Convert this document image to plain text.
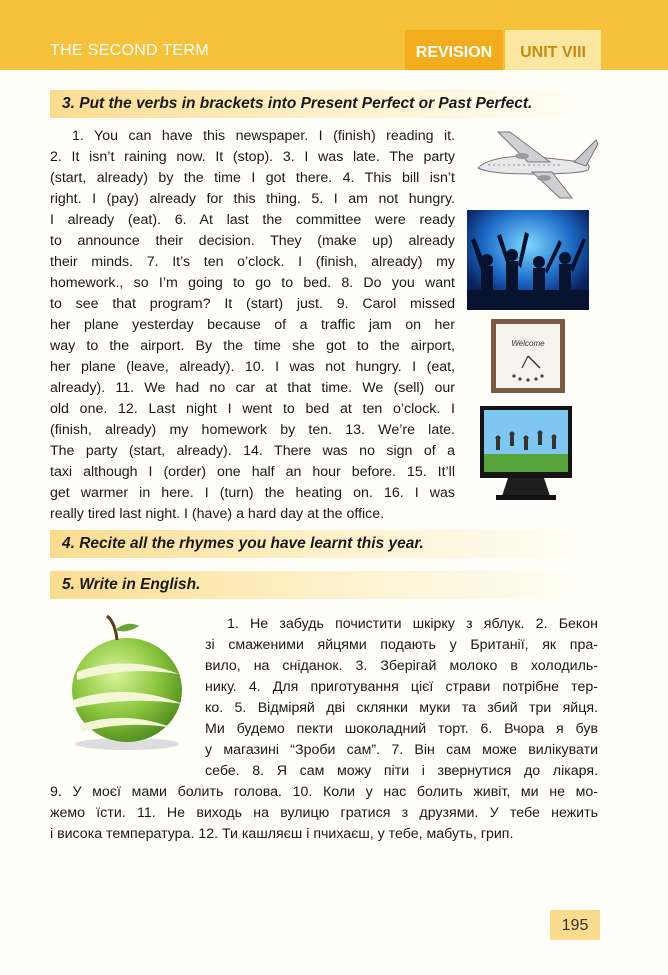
THE SECOND TERM	REVISION	UNIT VIII
3. Put the verbs in brackets into Present Perfect or Past Perfect.

1. You can have this newspaper. I (finish) reading it.

2. It isn’t raining now. It (stop). 3. I was late. The party

(start, already) by the time I got there. 4. This bill isn’t

right. I (pay) already for this thing. 5. I am not hungry.

I already (eat). 6. At last the committee were ready

to announce their decision. They (make up) already

their minds. 7. It’s ten o’clock. I (finish, already) my

homework., so I’m going to go to bed. 8. Do you want

to see that program? It (start) just. 9. Carol missed

her plane yesterday because of a traffic jam on her

way to the airport. By the time she got to the airport,

her plane (leave, already). 10. I was not hungry. I (eat,

already). 11. We had no car at that time. We (sell) our

old one. 12. Last night I went to bed at ten o’clock. I

(finish, already) my homework by ten. 13. We’re late.

The party (start, already). 14. There was no sign of a

taxi although I (order) one half an hour before. 15. It’ll

get warmer in here. I (turn) the heating on. 16. I was

really tired last night. I (have) a hard day at the office.

Welcome
4. Recite all the rhymes you have learnt this year.
5. Write in English.

1. Не забудь почистити шкірку з яблук. 2. Бекон

зі смаженими яйцями подають у Британії, як пра-

вило, на сніданок. 3. Зберігай молоко в холодиль-

нику. 4. Для приготування цієї страви потрібне тер-

ко. 5. Відміряй дві склянки муки та збий три яйця.

Ми будемо пекти шоколадний торт. 6. Вчора я був

у магазині “Зроби сам”. 7. Він сам може вилікувати

себе. 8. Я сам можу піти і звернутися до лікаря.

9. У моєї мами болить голова. 10. Коли у нас болить живіт, ми не мо-

жемо їсти. 11. Не виходь на вулицю гратися з друзями. У тебе нежить

і висока температура. 12. Ти кашляєш і пчихаєш, у тебе, мабуть, грип.

195
